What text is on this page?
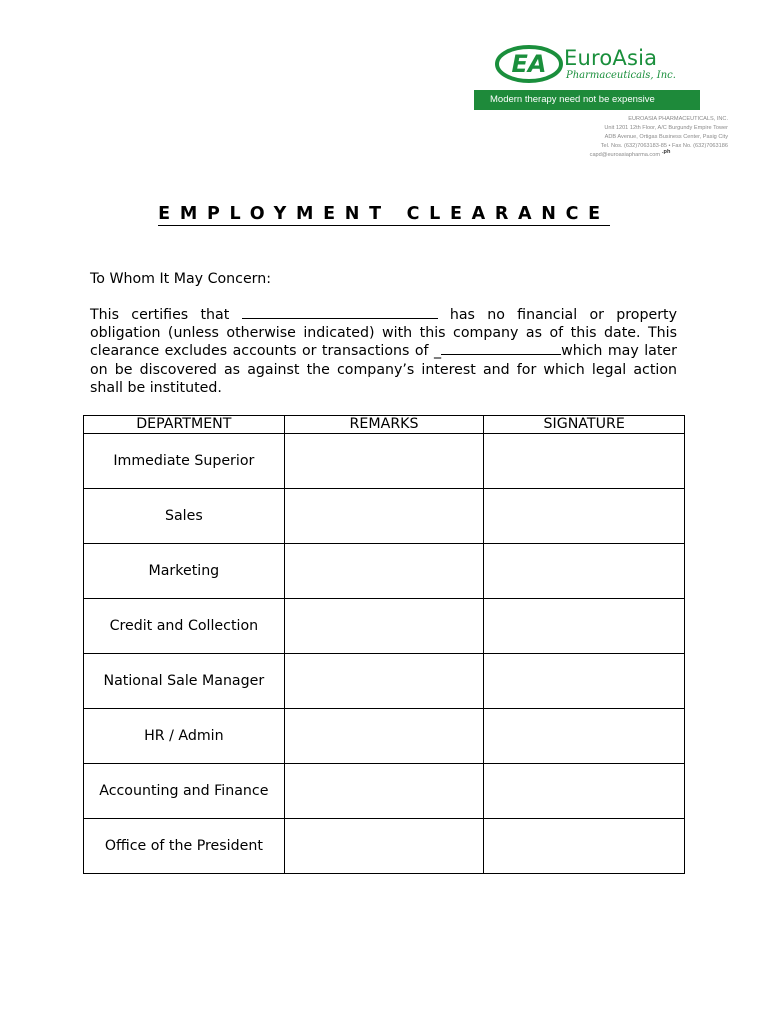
EA EuroAsia
Pharmaceuticals, Inc.
Modern therapy need not be expensive
EUROASIA PHARMACEUTICALS, INC.
Unit 1201 12th Floor, A/C Burgundy Empire Tower
ADB Avenue, Ortigas Business Center, Pasig City
Tel. Nos. (632)7063183-85 • Fax No. (632)7063186
capd@euroasiapharma.com .ph
EMPLOYMENT CLEARANCE
To Whom It May Concern:
This certifies that	has no financial or property obligation (unless otherwise indicated) with this company as of this date. This clearance excludes accounts or transactions of _	which may later on be discovered as against the company’s interest and for which legal action shall be instituted.
DEPARTMENT	REMARKS	SIGNATURE
Immediate Superior		
Sales		
Marketing		
Credit and Collection		
National Sale Manager		
HR / Admin		
Accounting and Finance		
Office of the President		
